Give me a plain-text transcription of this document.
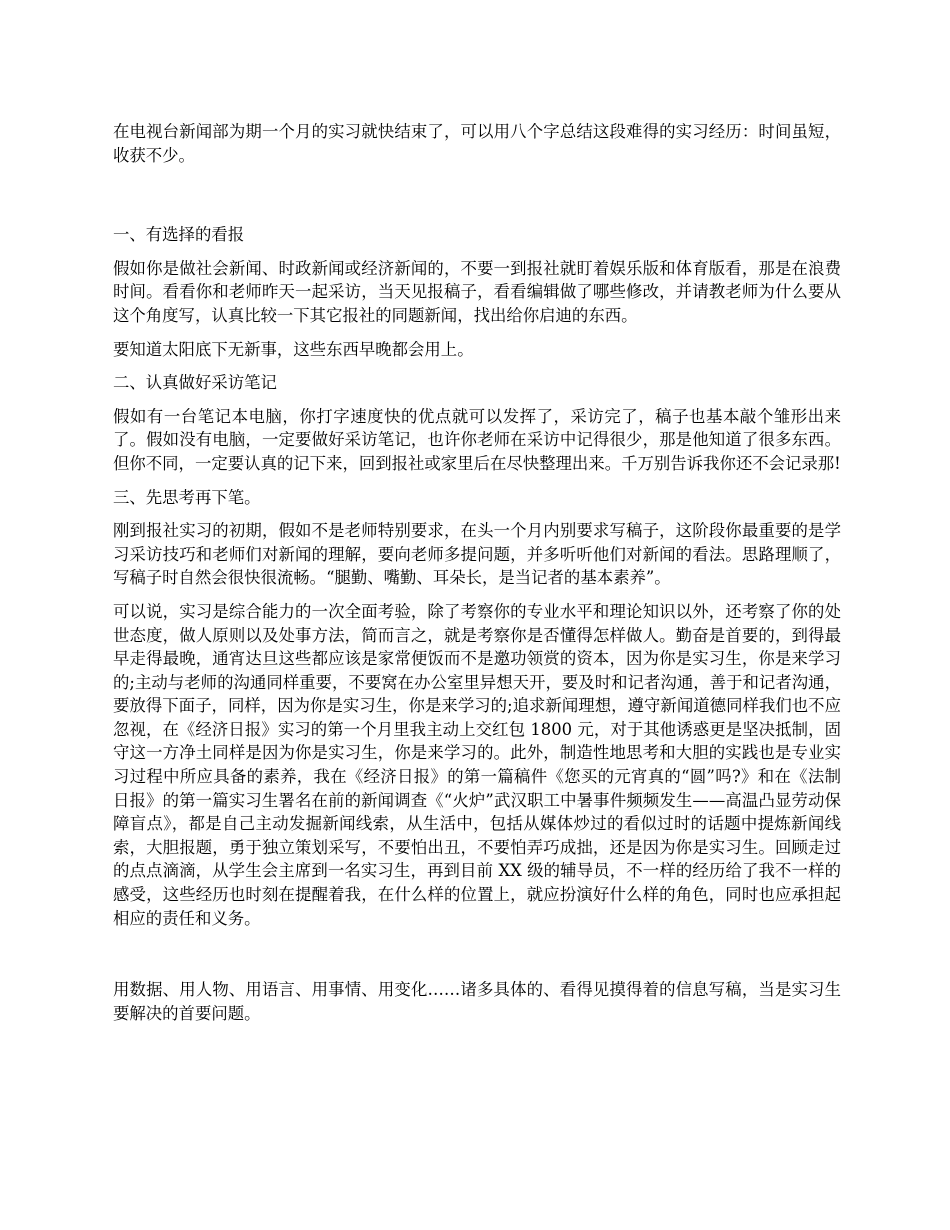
在电视台新闻部为期一个月的实习就快结束了，可以用八个字总结这段难得的实习经历：时间虽短，收获不少。

一、有选择的看报

假如你是做社会新闻、时政新闻或经济新闻的，不要一到报社就盯着娱乐版和体育版看，那是在浪费时间。看看你和老师昨天一起采访，当天见报稿子，看看编辑做了哪些修改，并请教老师为什么要从这个角度写，认真比较一下其它报社的同题新闻，找出给你启迪的东西。

要知道太阳底下无新事，这些东西早晚都会用上。

二、认真做好采访笔记

假如有一台笔记本电脑，你打字速度快的优点就可以发挥了，采访完了，稿子也基本敲个雏形出来了。假如没有电脑，一定要做好采访笔记，也许你老师在采访中记得很少，那是他知道了很多东西。但你不同，一定要认真的记下来，回到报社或家里后在尽快整理出来。千万别告诉我你还不会记录那!

三、先思考再下笔。

刚到报社实习的初期，假如不是老师特别要求，在头一个月内别要求写稿子，这阶段你最重要的是学习采访技巧和老师们对新闻的理解，要向老师多提问题，并多听听他们对新闻的看法。思路理顺了，写稿子时自然会很快很流畅。“腿勤、嘴勤、耳朵长，是当记者的基本素养”。

可以说，实习是综合能力的一次全面考验，除了考察你的专业水平和理论知识以外，还考察了你的处世态度，做人原则以及处事方法，简而言之，就是考察你是否懂得怎样做人。勤奋是首要的，到得最早走得最晚，通宵达旦这些都应该是家常便饭而不是邀功领赏的资本，因为你是实习生，你是来学习的;主动与老师的沟通同样重要，不要窝在办公室里异想天开，要及时和记者沟通，善于和记者沟通，要放得下面子，同样，因为你是实习生，你是来学习的;追求新闻理想，遵守新闻道德同样我们也不应忽视，在《经济日报》实习的第一个月里我主动上交红包 1800 元，对于其他诱惑更是坚决抵制，固守这一方净土同样是因为你是实习生，你是来学习的。此外，制造性地思考和大胆的实践也是专业实习过程中所应具备的素养，我在《经济日报》的第一篇稿件《您买的元宵真的“圆”吗?》和在《法制日报》的第一篇实习生署名在前的新闻调查《“火炉”武汉职工中暑事件频频发生——高温凸显劳动保障盲点》，都是自己主动发掘新闻线索，从生活中，包括从媒体炒过的看似过时的话题中提炼新闻线索，大胆报题，勇于独立策划采写，不要怕出丑，不要怕弄巧成拙，还是因为你是实习生。回顾走过的点点滴滴，从学生会主席到一名实习生，再到目前 XX 级的辅导员，不一样的经历给了我不一样的感受，这些经历也时刻在提醒着我，在什么样的位置上，就应扮演好什么样的角色，同时也应承担起相应的责任和义务。

用数据、用人物、用语言、用事情、用变化……诸多具体的、看得见摸得着的信息写稿，当是实习生要解决的首要问题。
